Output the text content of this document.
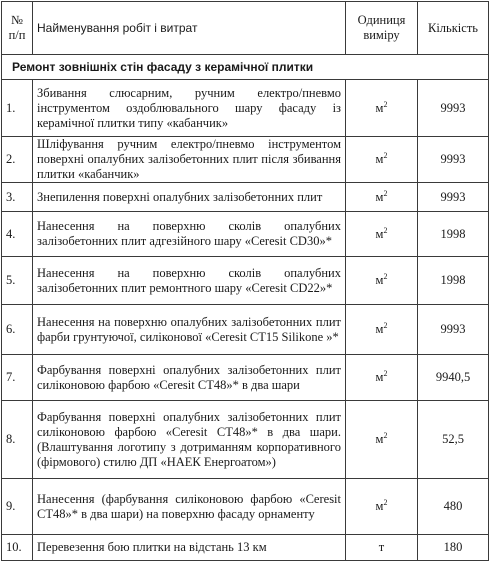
№ п/п	Найменування робіт і витрат	Одиниця виміру	Кількість
Ремонт зовнішніх стін фасаду з керамічної плитки			
1.	Збивання слюсарним, ручним електро/пневмо інструментом оздоблювального шару фасаду із керамічної плитки типу «кабанчик»	$м^2$	9993
2.	Шліфування ручним електро/пневмо інструментом поверхні опалубних залізобетонних плит після збивання плитки «кабанчик»	$м^2$	9993
3.	Знепилення поверхні опалубних залізобетонних плит	$м^2$	9993
4.	Нанесення на поверхню сколів опалубних залізобетонних плит адгезійного шару «Ceresit CD30»*	$м^2$	1998
5.	Нанесення на поверхню сколів опалубних залізобетонних плит ремонтного шару «Ceresit CD22»*	$м^2$	1998
6.	Нанесення на поверхню опалубних залізобетонних плит фарби грунтуючої, силіконової «Ceresit CT15 Silikone »*	$м^2$	9993
7.	Фарбування поверхні опалубних залізобетонних плит силіконовою фарбою «Ceresit CT48»* в два шари	$м^2$	9940,5
8.	Фарбування поверхні опалубних залізобетонних плит силіконовою фарбою «Ceresit CT48»* в два шари. (Влаштування логотипу з дотриманням корпоративного (фірмового) стилю ДП «НАЕК Енергоатом»)	$м^2$	52,5
9.	Нанесення (фарбування силіконовою фарбою «Ceresit CT48»* в два шари) на поверхню фасаду орнаменту	$м^2$	480
10.	Перевезення бою плитки на відстань 13 км	т	180
